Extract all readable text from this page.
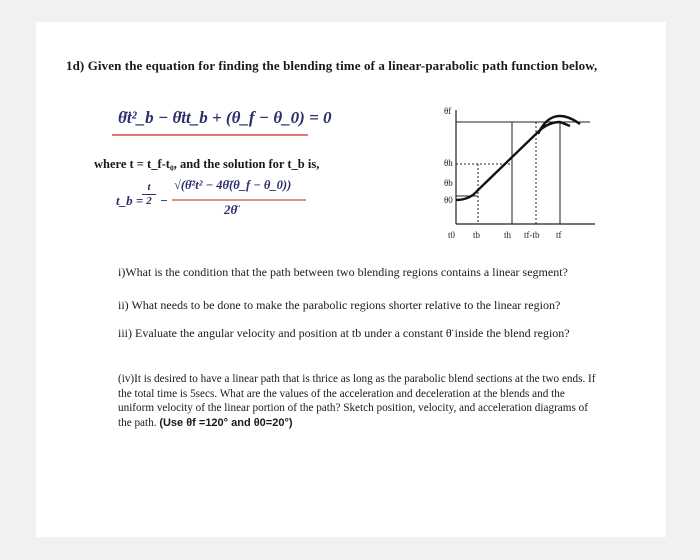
1d) Given the equation for finding the blending time of a linear-parabolic path function below,
θ̈t²_b − θ̈tt_b + (θ_f − θ_0) = 0
where t = t_f-t₀, and the solution for t_b is,
t_b =
t
2 −
√(θ̈²t² − 4θ̈(θ_f − θ_0))
2θ̈
θf
θh
θb
θ0
t0 tb	th tf-tb tf
i)What is the condition that the path between two blending regions contains a linear segment?
ii) What needs to be done to make the parabolic regions shorter relative to the linear region?
iii) Evaluate the angular velocity and position at tb under a constant θ̈ inside the blend region?
(iv)It is desired to have a linear path that is thrice as long as the parabolic blend sections at the two ends. If the total time is 5secs. What are the values of the acceleration and deceleration at the blends and the uniform velocity of the linear portion of the path? Sketch position, velocity, and acceleration diagrams of the path. (Use θf =120° and θ0=20°)
